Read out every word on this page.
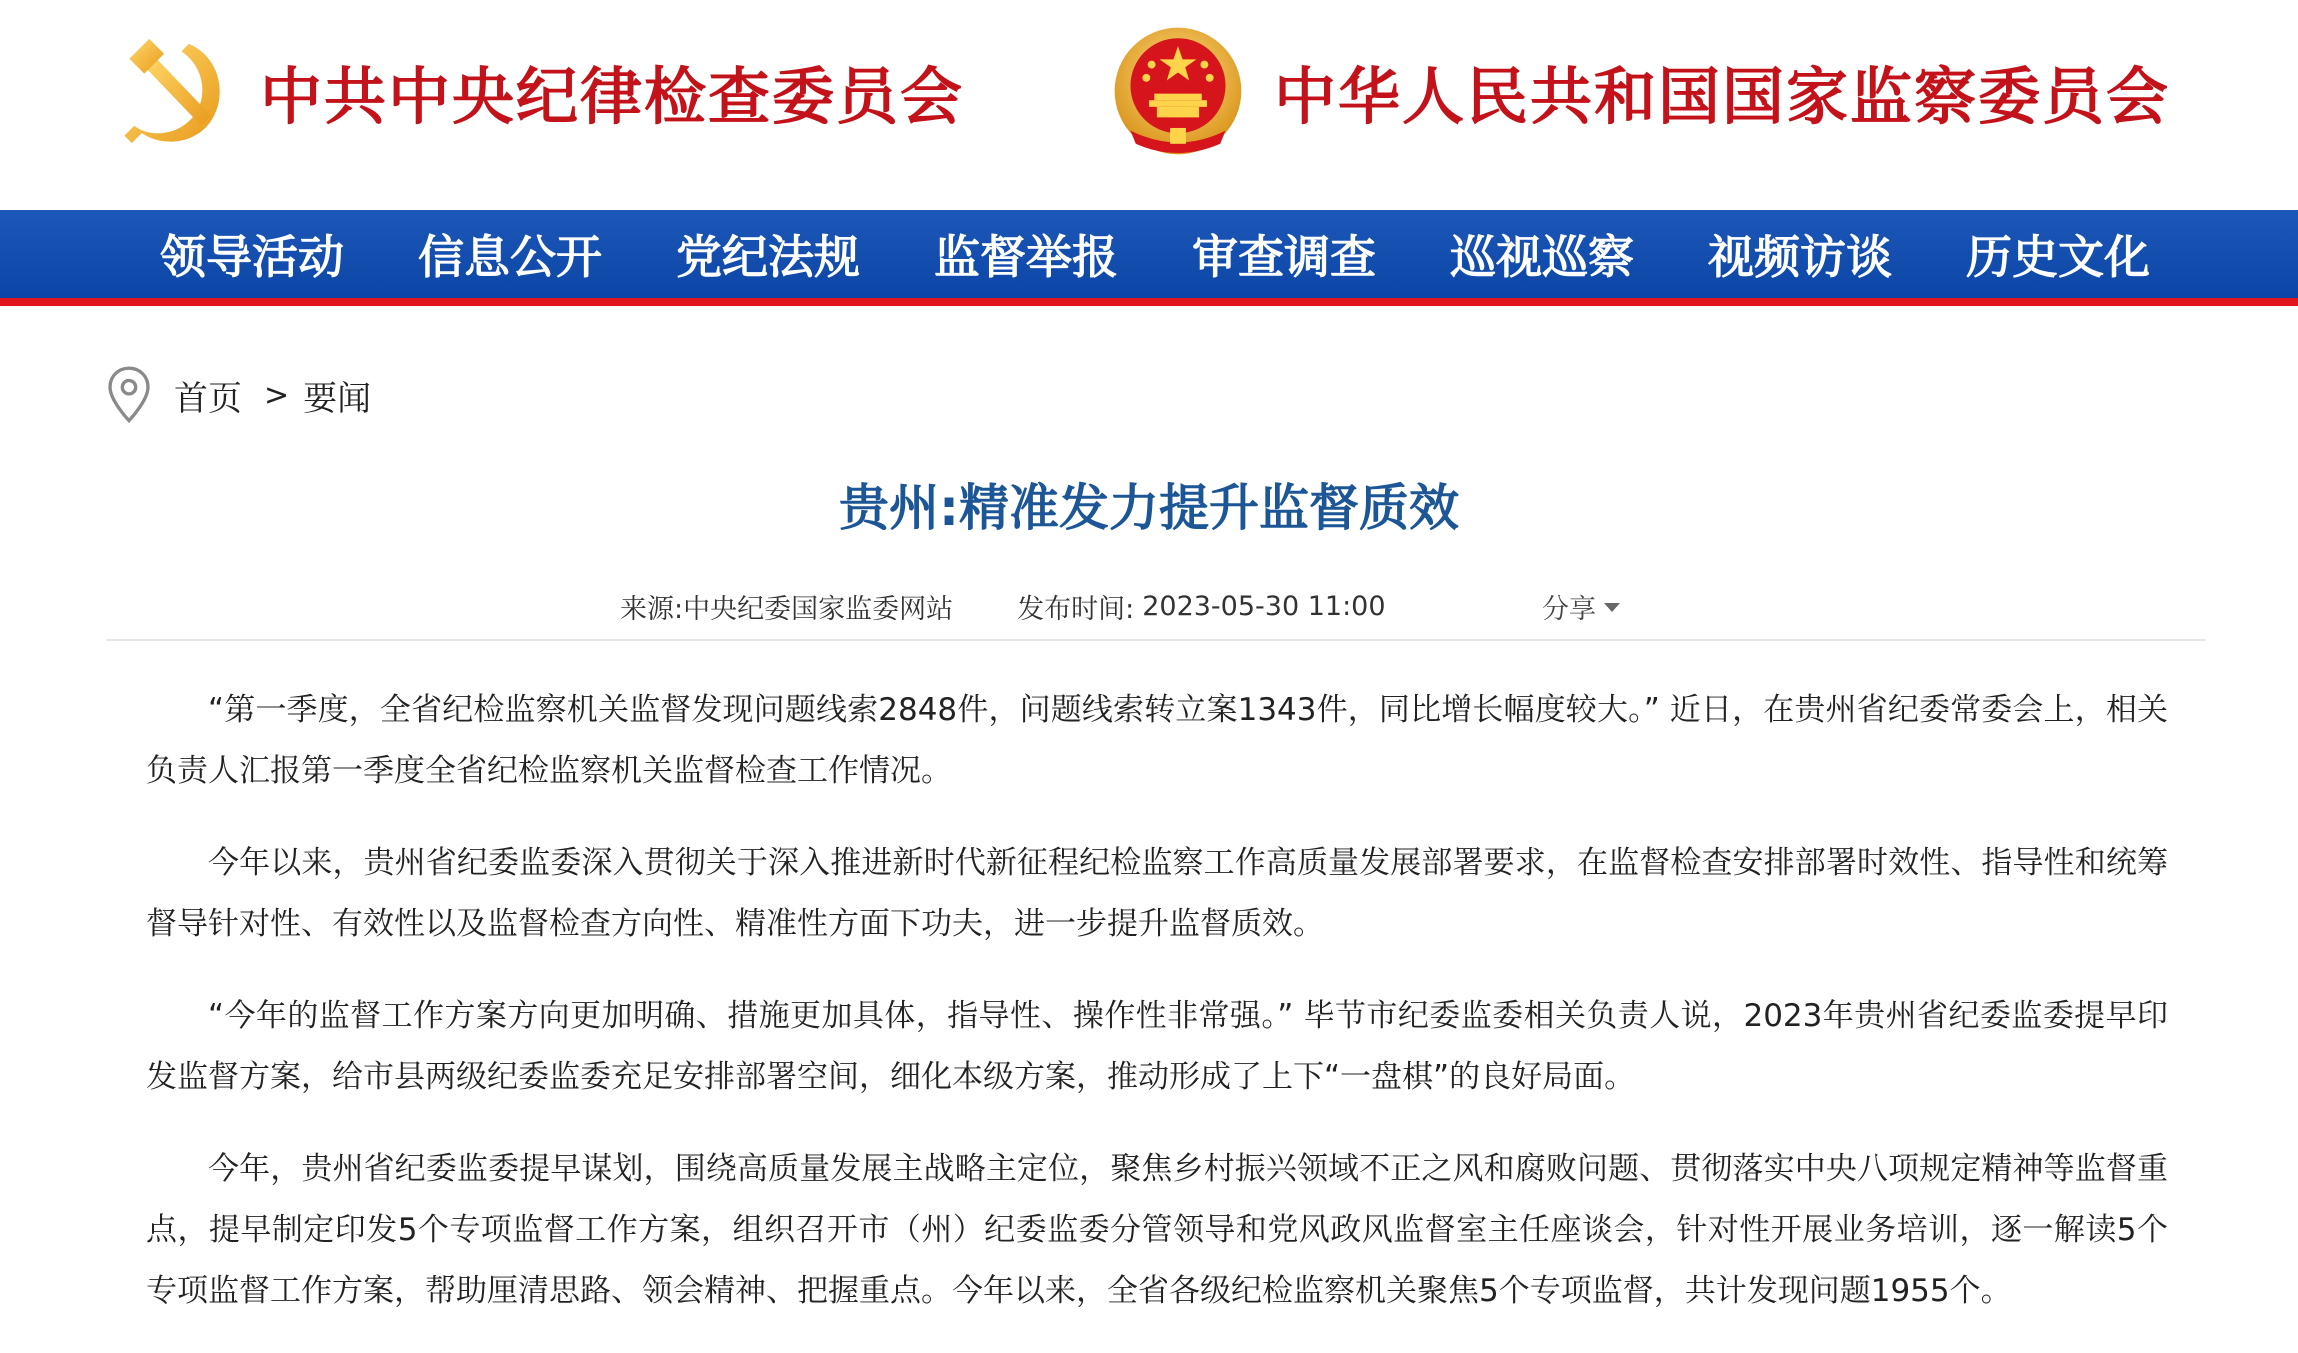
中共中央纪律检查委员会	中华人民共和国国家监察委员会
领导活动	信息公开	党纪法规	监督举报	审查调查	巡视巡察	视频访谈	历史文化
首页 > 要闻
贵州:精准发力提升监督质效
来源: 中央纪委国家监委网站 发布时间: 2023-05-30 11:00	分享

“第一季度，全省纪检监察机关监督发现问题线索2848件，问题线索转立案1343件，同比增长幅度较大。” 近日，在贵州省纪委常委会上，相关负责人汇报第一季度全省纪检监察机关监督检查工作情况。

今年以来，贵州省纪委监委深入贯彻关于深入推进新时代新征程纪检监察工作高质量发展部署要求，在监督检查安排部署时效性、指导性和统筹督导针对性、有效性以及监督检查方向性、精准性方面下功夫，进一步提升监督质效。

“今年的监督工作方案方向更加明确、措施更加具体，指导性、操作性非常强。” 毕节市纪委监委相关负责人说，2023年贵州省纪委监委提早印发监督方案，给市县两级纪委监委充足安排部署空间，细化本级方案，推动形成了上下“一盘棋”的良好局面。

今年，贵州省纪委监委提早谋划，围绕高质量发展主战略主定位，聚焦乡村振兴领域不正之风和腐败问题、贯彻落实中央八项规定精神等监督重点，提早制定印发5个专项监督工作方案，组织召开市（州）纪委监委分管领导和党风政风监督室主任座谈会，针对性开展业务培训，逐一解读5个专项监督工作方案，帮助厘清思路、领会精神、把握重点。今年以来，全省各级纪检监察机关聚焦5个专项监督，共计发现问题1955个。
